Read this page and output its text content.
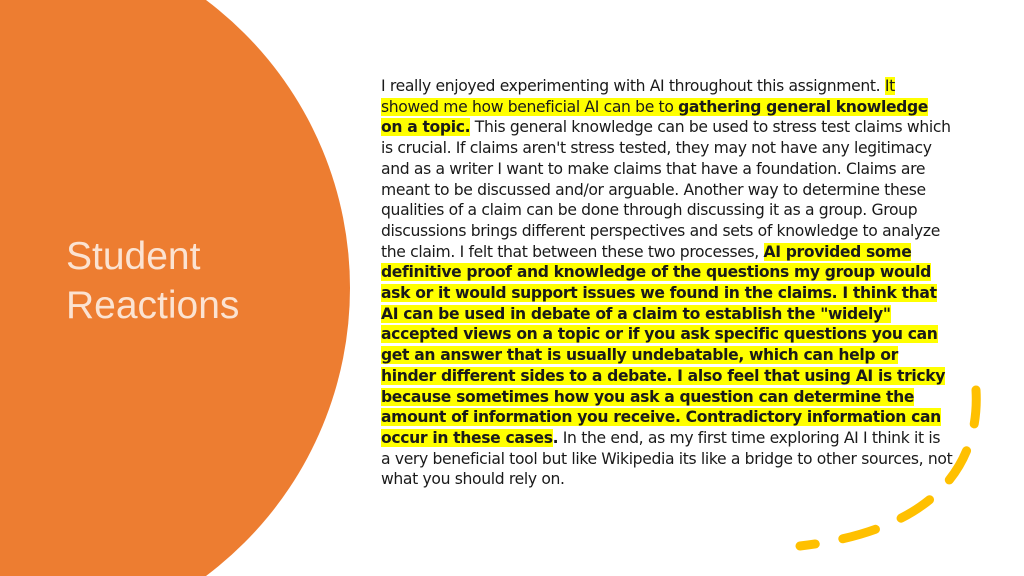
Student
Reactions
I really enjoyed experimenting with AI throughout this assignment. It showed me how beneficial AI can be to gathering general knowledge on a topic. This general knowledge can be used to stress test claims which is crucial. If claims aren't stress tested, they may not have any legitimacy and as a writer I want to make claims that have a foundation. Claims are meant to be discussed and/or arguable. Another way to determine these qualities of a claim can be done through discussing it as a group. Group discussions brings different perspectives and sets of knowledge to analyze the claim. I felt that between these two processes, AI provided some definitive proof and knowledge of the questions my group would ask or it would support issues we found in the claims. I think that AI can be used in debate of a claim to establish the "widely" accepted views on a topic or if you ask specific questions you can get an answer that is usually undebatable, which can help or hinder different sides to a debate. I also feel that using AI is tricky because sometimes how you ask a question can determine the amount of information you receive. Contradictory information can occur in these cases. In the end, as my first time exploring AI I think it is a very beneficial tool but like Wikipedia its like a bridge to other sources, not what you should rely on.
